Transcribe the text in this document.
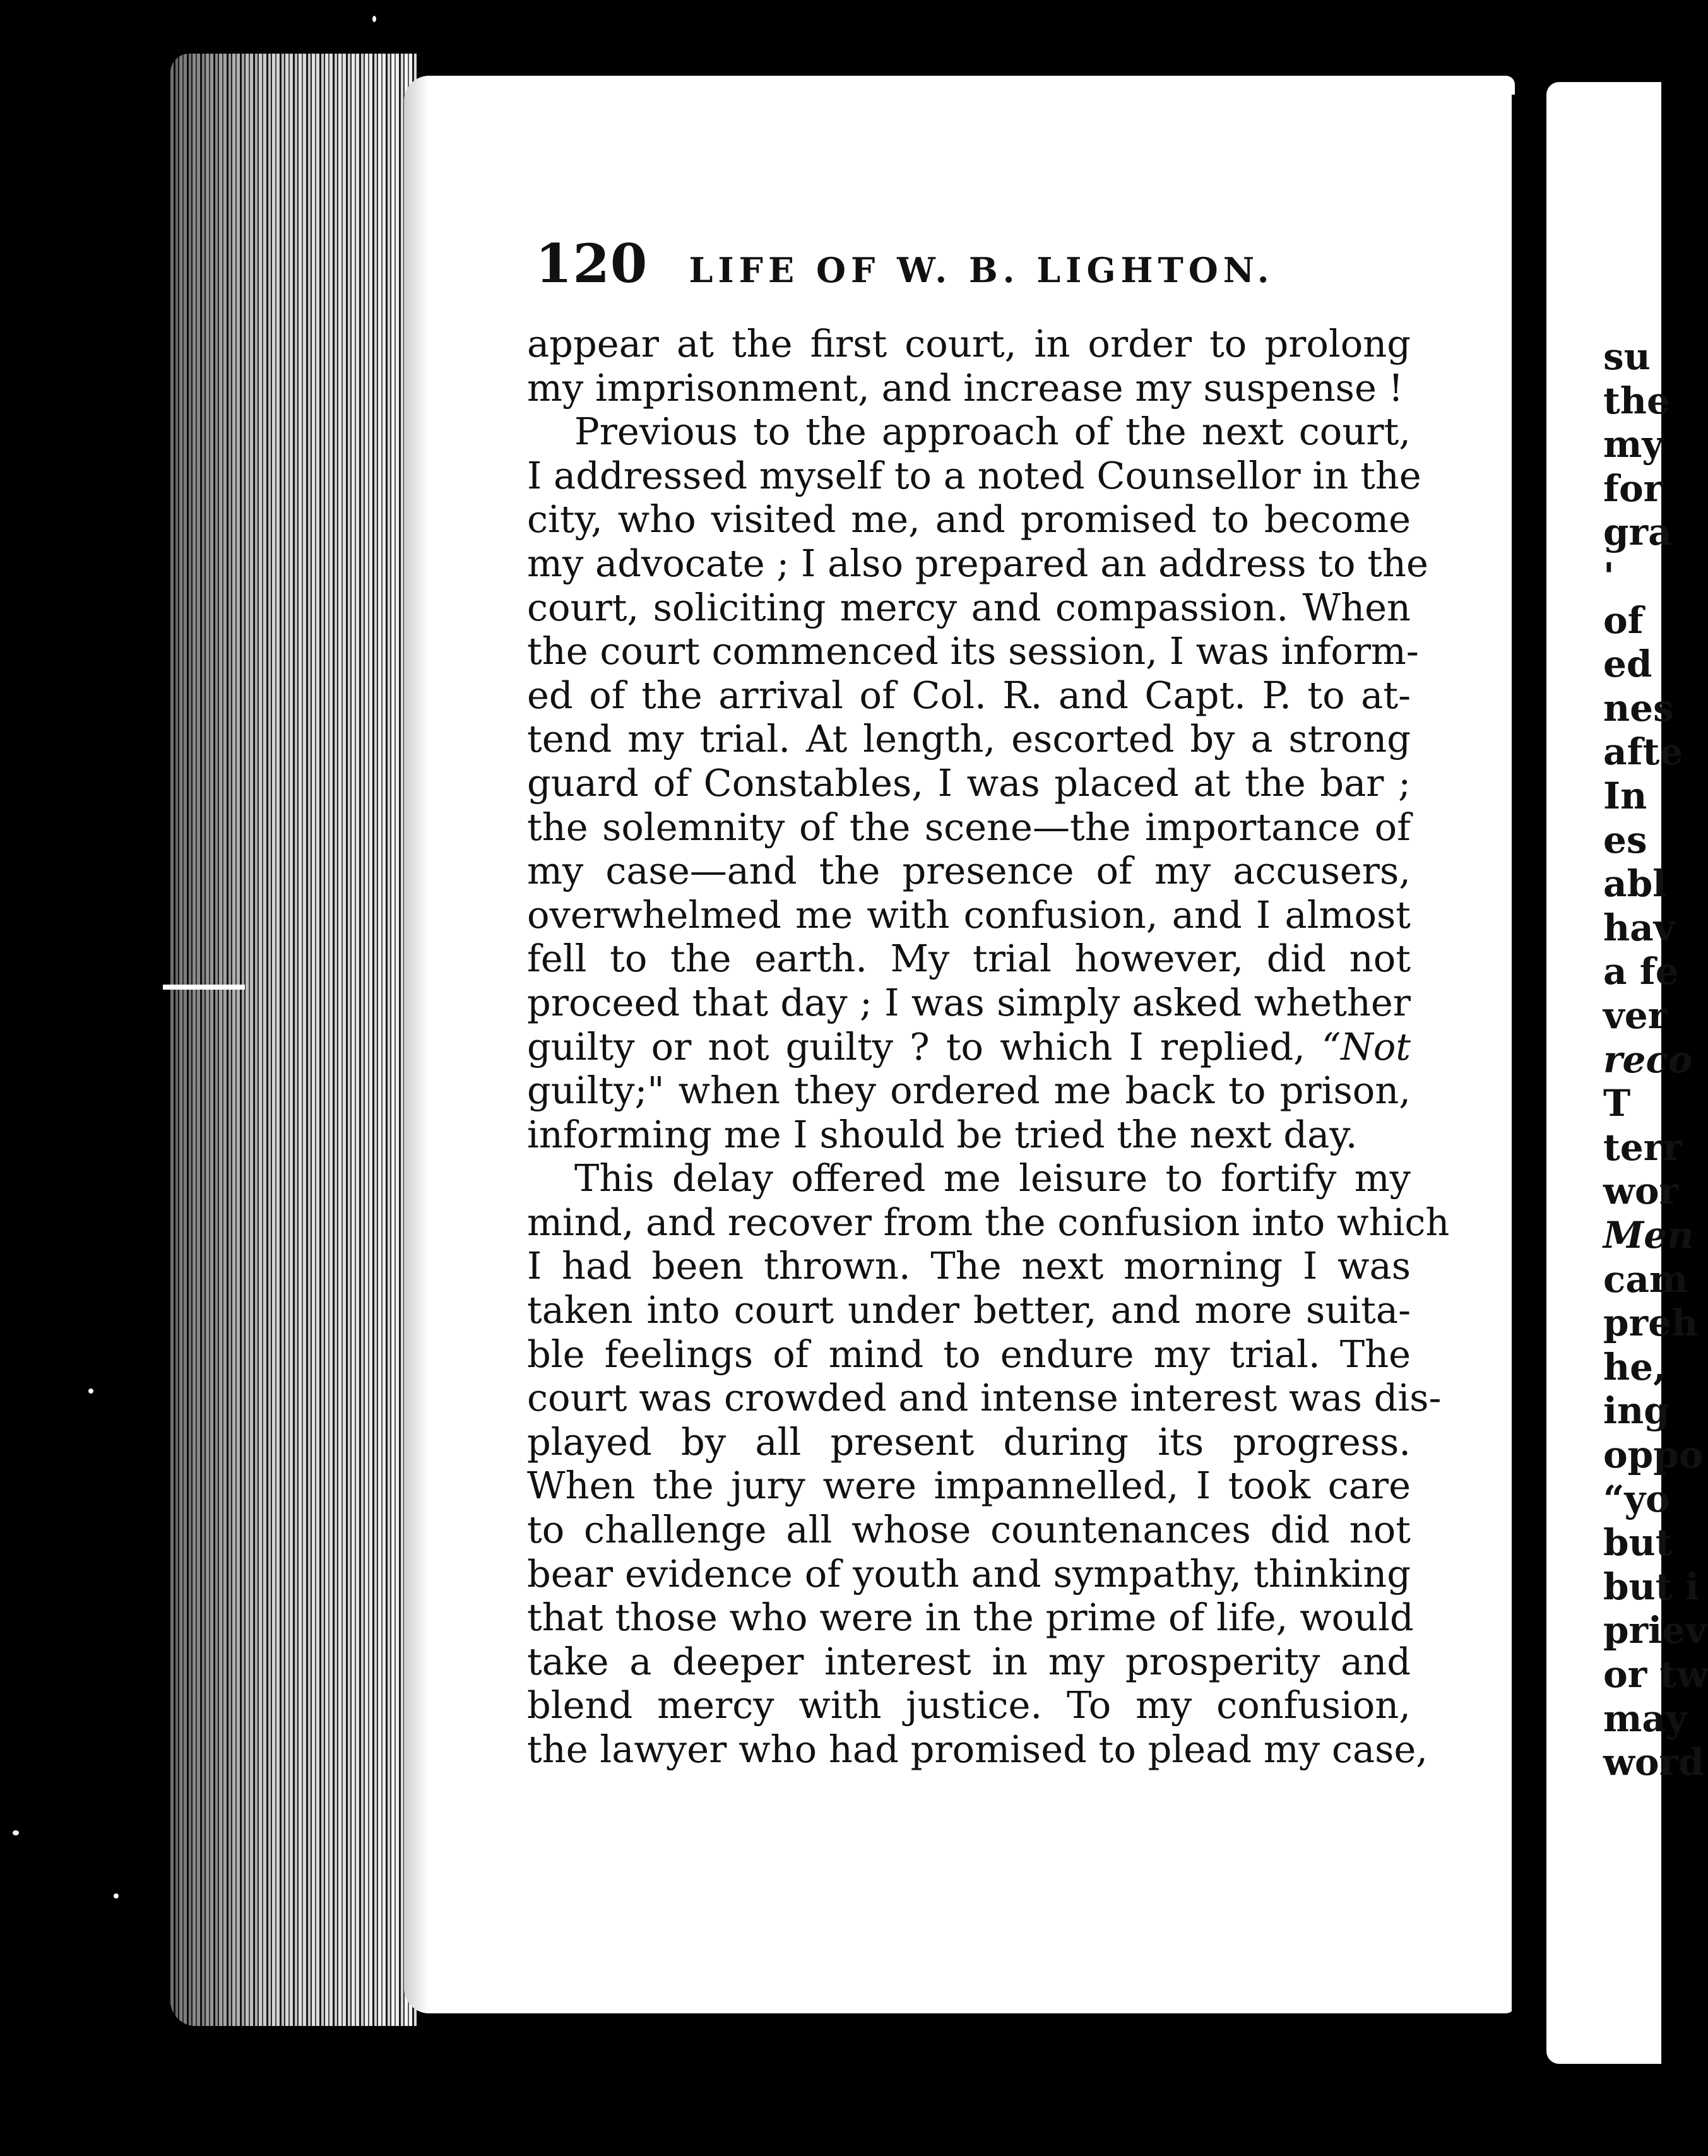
su
the
my
for
gra
'
of
ed
nes
afte
In
es
abl
hav
a fe
ver
reco
T
terr
wor
Men
cam
preh
he,
ing
oppo
“yo
but
but i
priev
or tw
may
word
120 LIFE OF W. B. LIGHTON.
appear at the first court, in order to prolong
my imprisonment, and increase my suspense !
Previous to the approach of the next court,
I addressed myself to a noted Counsellor in the
city, who visited me, and promised to become
my advocate ; I also prepared an address to the
court, soliciting mercy and compassion. When
the court commenced its session, I was inform-
ed of the arrival of Col. R. and Capt. P. to at-
tend my trial. At length, escorted by a strong
guard of Constables, I was placed at the bar ;
the solemnity of the scene—the importance of
my case—and the presence of my accusers,
overwhelmed me with confusion, and I almost
fell to the earth. My trial however, did not
proceed that day ; I was simply asked whether
guilty or not guilty ? to which I replied, “Not
guilty;" when they ordered me back to prison,
informing me I should be tried the next day.
This delay offered me leisure to fortify my
mind, and recover from the confusion into which
I had been thrown. The next morning I was
taken into court under better, and more suita-
ble feelings of mind to endure my trial. The
court was crowded and intense interest was dis-
played by all present during its progress.
When the jury were impannelled, I took care
to challenge all whose countenances did not
bear evidence of youth and sympathy, thinking
that those who were in the prime of life, would
take a deeper interest in my prosperity and
blend mercy with justice. To my confusion,
the lawyer who had promised to plead my case,
